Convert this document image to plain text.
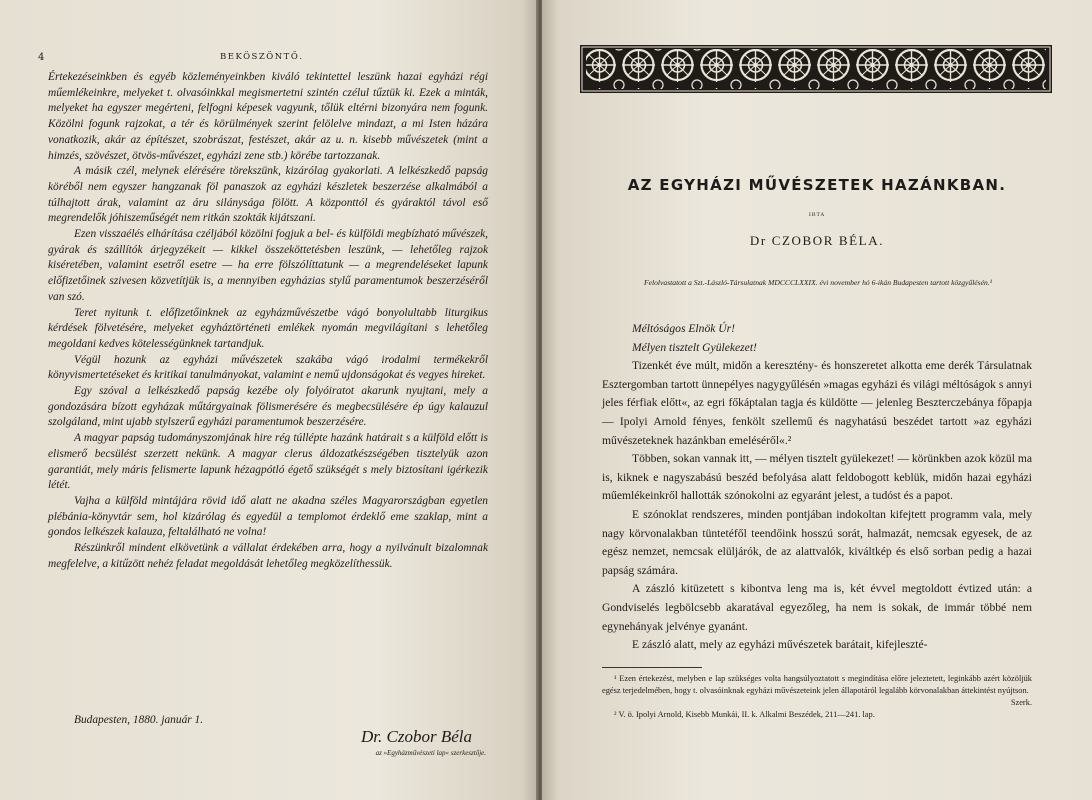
4	BEKÖSZÖNTŐ.

Értekezéseinkben és egyéb közleményeinkben kiváló tekintettel leszünk hazai egyházi régi műemlékeinkre, melyeket t. olvasóinkkal megismertetni szintén czélul tűztük ki. Ezek a minták, melyeket ha egyszer megérteni, felfogni képesek vagyunk, tőlük eltérni bizonyára nem fogunk. Közölni fogunk rajzokat, a tér és körülmények szerint felölelve mindazt, a mi Isten házára vonatkozik, akár az építészet, szobrászat, festészet, akár az u. n. kisebb művészetek (mint a himzés, szövészet, ötvös-művészet, egyházi zene stb.) körébe tartozzanak.

A másik czél, melynek elérésére törekszünk, kizárólag gyakorlati. A lelkészkedő papság köréből nem egyszer hangzanak föl panaszok az egyházi készletek beszerzése alkalmából a túlhajtott árak, valamint az áru silánysága fölött. A központtól és gyáraktól távol eső megrendelők jóhiszeműségét nem ritkán szokták kijátszani.

Ezen visszaélés elhárítása czéljából közölni fogjuk a bel- és külföldi megbízható művészek, gyárak és szállítók árjegyzékeit — kikkel összeköttetésben leszünk, — lehetőleg rajzok kiséretében, valamint esetről esetre — ha erre fölszólíttatunk — a megrendeléseket lapunk előfizetőinek szivesen közvetítjük is, a mennyiben egyházias stylű paramentumok beszerzéséről van szó.

Teret nyitunk t. előfizetőinknek az egyházművészetbe vágó bonyolultabb liturgikus kérdések fölvetésére, melyeket egyháztörténeti emlékek nyomán megvilágítani s lehetőleg megoldani kedves kötelességünknek tartandjuk.

Végül hozunk az egyházi művészetek szakába vágó irodalmi termékekről könyvismertetéseket és kritikai tanulmányokat, valamint e nemű ujdonságokat és vegyes hireket.

Egy szóval a lelkészkedő papság kezébe oly folyóiratot akarunk nyujtani, mely a gondozására bízott egyházak műtárgyainak fölismerésére és megbecsülésére ép úgy kalauzul szolgáland, mint ujabb stylszerű egyházi paramentumok beszerzésére.

A magyar papság tudományszomjának hire rég túllépte hazánk határait s a külföld előtt is elismerő becsülést szerzett nekünk. A magyar clerus áldozatkészségében tisztelyük azon garantiát, mely máris felismerte lapunk hézagpótló égető szükségét s mely biztosítani igérkezik létét.

Vajha a külföld mintájára rövid idő alatt ne akadna széles Magyarországban egyetlen plébánia-könyvtár sem, hol kizárólag és egyedül a templomot érdeklő eme szaklap, mint a gondos lelkészek kalauza, feltalálható ne volna!

Részünkről mindent elkövetünk a vállalat érdekében arra, hogy a nyilvánult bizalomnak megfelelve, a kitűzött nehéz feladat megoldását lehetőleg megközelíthessük.

Budapesten, 1880. január 1.
Dr. Czobor Béla
az »Egyházművészeti lap« szerkesztője.
AZ EGYHÁZI MŰVÉSZETEK HAZÁNKBAN.
IRTA
Dr CZOBOR BÉLA.
Felolvastatott a Szt.-László-Társulatnak MDCCCLXXIX. évi november hó 6-ikán Budapesten tartott közgyűlésén.¹

Méltóságos Elnök Úr!

Mélyen tisztelt Gyülekezet!

Tizenkét éve múlt, midőn a keresztény- és honszeretet alkotta eme derék Társulatnak Esztergomban tartott ünnepélyes nagygyűlésén »magas egyházi és világi méltóságok s annyi jeles férfiak előtt«, az egri főkáptalan tagja és küldötte — jelenleg Beszterczebánya főpapja — Ipolyi Arnold fényes, fenkölt szellemű és nagyhatású beszédet tartott »az egyházi művészeteknek hazánkban emeléséről«.²

Többen, sokan vannak itt, — mélyen tisztelt gyülekezet! — körünkben azok közül ma is, kiknek e nagyszabású beszéd befolyása alatt feldobogott keblük, midőn hazai egyházi műemlékeinkről hallották szónokolni az egyaránt jelest, a tudóst és a papot.

E szónoklat rendszeres, minden pontjában indokoltan kifejtett programm vala, mely nagy körvonalakban tüntetéfől teendőink hosszú sorát, halmazát, nemcsak egyesek, de az egész nemzet, nemcsak elüljárók, de az alattvalók, kiváltkép és első sorban pedig a hazai papság számára.

A zászló kitüzetett s kibontva leng ma is, két évvel megtoldott évtized után: a Gondviselés legbölcsebb akaratával egyezőleg, ha nem is sokak, de immár többé nem egynehányak jelvénye gyanánt.

E zászló alatt, mely az egyházi művészetek barátait, kifejleszté-

¹ Ezen értekezést, melyben e lap szükséges volta hangsúlyoztatott s megindítása előre jeleztetett, leginkább azért közöljük egész terjedelmében, hogy t. olvasóinknak egyházi művészeteink jelen állapotáról legalább körvonalakban áttekintést nyújtson.

Szerk.

² V. ö. Ipolyi Arnold, Kisebb Munkái, II. k. Alkalmi Beszédek, 211—241. lap.
